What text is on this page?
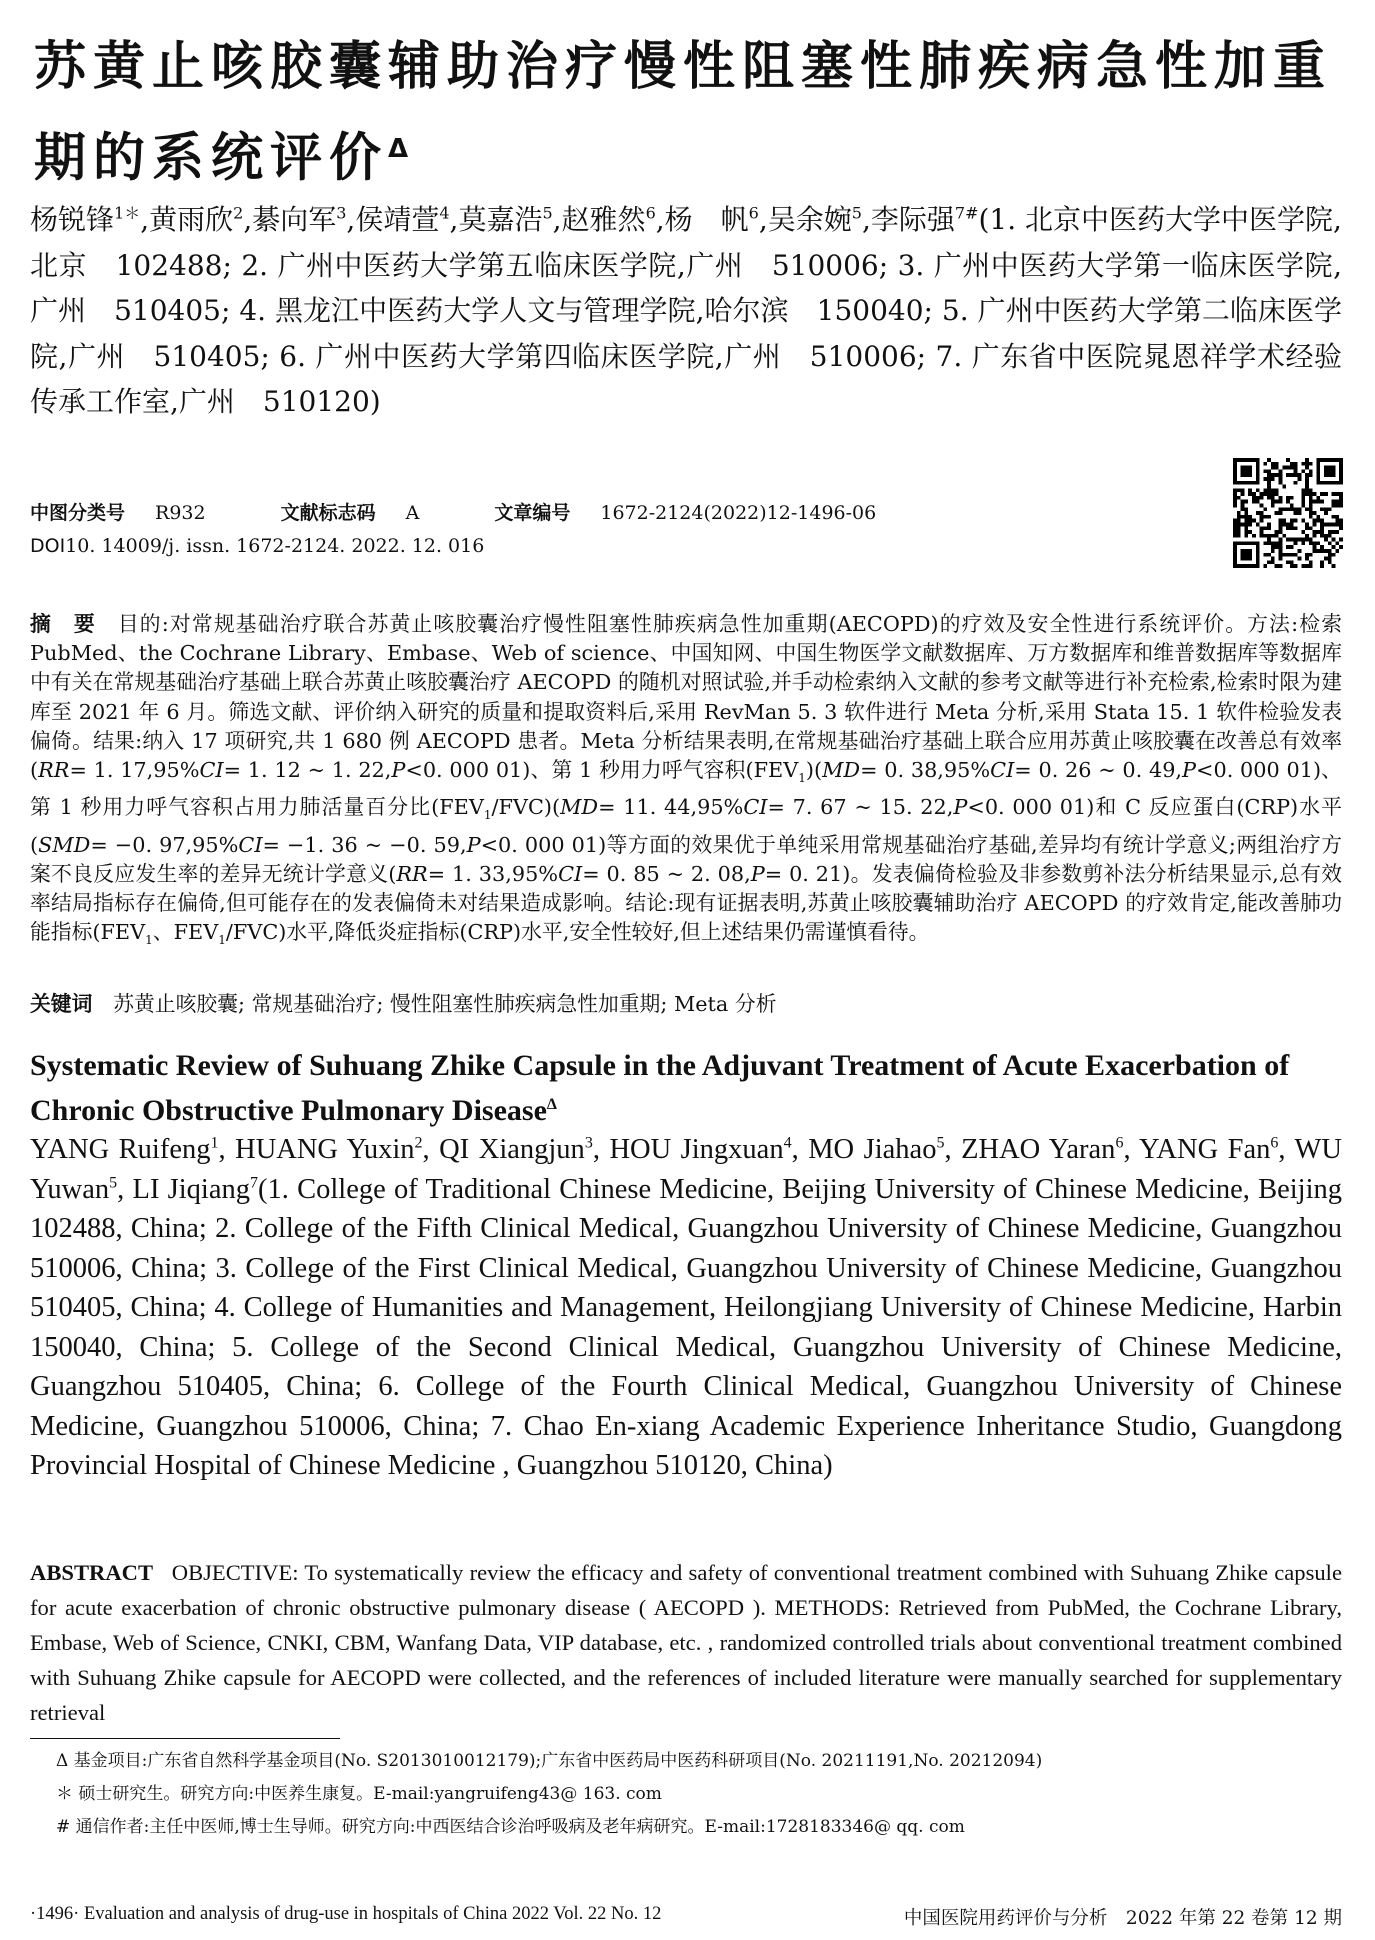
苏黄止咳胶囊辅助治疗慢性阻塞性肺疾病急性加重期的系统评价$^\Delta$
杨锐锋$^{1*}$,黄雨欣$^2$,綦向军$^3$,侯靖萱$^4$,莫嘉浩$^5$,赵雅然$^6$,杨　帆$^6$,吴余婉$^5$,李际强$^{7\#}$(1. 北京中医药大学中医学院,北京　102488; 2. 广州中医药大学第五临床医学院,广州　510006; 3. 广州中医药大学第一临床医学院,广州　510405; 4. 黑龙江中医药大学人文与管理学院,哈尔滨　150040; 5. 广州中医药大学第二临床医学院,广州　510405; 6. 广州中医药大学第四临床医学院,广州　510006; 7. 广东省中医院晁恩祥学术经验传承工作室,广州　510120)
中图分类号 R932	文献标志码 A	文章编号 1672-2124(2022)12-1496-06
DOI10. 14009/j. issn. 1672-2124. 2022. 12. 016
摘　要　 目的:对常规基础治疗联合苏黄止咳胶囊治疗慢性阻塞性肺疾病急性加重期(AECOPD)的疗效及安全性进行系统评价。方法:检索 PubMed、the Cochrane Library、Embase、Web of science、中国知网、中国生物医学文献数据库、万方数据库和维普数据库等数据库中有关在常规基础治疗基础上联合苏黄止咳胶囊治疗 AECOPD 的随机对照试验,并手动检索纳入文献的参考文献等进行补充检索,检索时限为建库至 2021 年 6 月。筛选文献、评价纳入研究的质量和提取资料后,采用 RevMan 5. 3 软件进行 Meta 分析,采用 Stata 15. 1 软件检验发表偏倚。结果:纳入 17 项研究,共 1 680 例 AECOPD 患者。Meta 分析结果表明,在常规基础治疗基础上联合应用苏黄止咳胶囊在改善总有效率(RR= 1. 17,95%CI= 1. 12 ~ 1. 22,P<0. 000 01)、第 1 秒用力呼气容积$(FEV_1)(MD= 0$. 38,95%CI= 0. 26 ~ 0. 49,P<0. 000 01)、第 1 秒用力呼气容积占用力肺活量百分比$(FEV_1/FVC)(MD= 11$. 44,95%CI= 7. 67 ~ 15. 22,P<0. 000 01)和 C 反应蛋白(CRP)水平(SMD= −0. 97,95%CI= −1. 36 ~ −0. 59,P<0. 000 01)等方面的效果优于单纯采用常规基础治疗基础,差异均有统计学意义;两组治疗方案不良反应发生率的差异无统计学意义(RR= 1. 33,95%CI= 0. 85 ~ 2. 08,P= 0. 21)。发表偏倚检验及非参数剪补法分析结果显示,总有效率结局指标存在偏倚,但可能存在的发表偏倚未对结果造成影响。结论:现有证据表明,苏黄止咳胶囊辅助治疗 AECOPD 的疗效肯定,能改善肺功能指标($FEV_1$、$FEV_1/FVC$)水平,降低炎症指标(CRP)水平,安全性较好,但上述结果仍需谨慎看待。
关键词　 苏黄止咳胶囊; 常规基础治疗; 慢性阻塞性肺疾病急性加重期; Meta 分析
Systematic Review of Suhuang Zhike Capsule in the Adjuvant Treatment of Acute Exacerbation of Chronic Obstructive Pulmonary Disease$^\Delta$
YANG Ruifeng$^1$, HUANG Yuxin$^2$, QI Xiangjun$^3$, HOU Jingxuan$^4$, MO Jiahao$^5$, ZHAO Yaran$^6$, YANG Fan$^6$, WU Yuwan$^5$, LI Jiqiang$^7$(1. College of Traditional Chinese Medicine, Beijing University of Chinese Medicine, Beijing 102488, China; 2. College of the Fifth Clinical Medical, Guangzhou University of Chinese Medicine, Guangzhou 510006, China; 3. College of the First Clinical Medical, Guangzhou University of Chinese Medicine, Guangzhou 510405, China; 4. College of Humanities and Management, Heilongjiang University of Chinese Medicine, Harbin 150040, China; 5. College of the Second Clinical Medical, Guangzhou University of Chinese Medicine, Guangzhou 510405, China; 6. College of the Fourth Clinical Medical, Guangzhou University of Chinese Medicine, Guangzhou 510006, China; 7. Chao En-xiang Academic Experience Inheritance Studio, Guangdong Provincial Hospital of Chinese Medicine , Guangzhou 510120, China)
ABSTRACT OBJECTIVE: To systematically review the efficacy and safety of conventional treatment combined with Suhuang Zhike capsule for acute exacerbation of chronic obstructive pulmonary disease ( AECOPD ). METHODS: Retrieved from PubMed, the Cochrane Library, Embase, Web of Science, CNKI, CBM, Wanfang Data, VIP database, etc. , randomized controlled trials about conventional treatment combined with Suhuang Zhike capsule for AECOPD were collected, and the references of included literature were manually searched for supplementary retrieval
Δ 基金项目:广东省自然科学基金项目(No. S2013010012179);广东省中医药局中医药科研项目(No. 20211191,No. 20212094)
＊ 硕士研究生。研究方向:中医养生康复。E-mail:yangruifeng43@ 163. com
# 通信作者:主任中医师,博士生导师。研究方向:中西医结合诊治呼吸病及老年病研究。E-mail:1728183346@ qq. com
·1496· Evaluation and analysis of drug-use in hospitals of China 2022 Vol. 22 No. 12	中国医院用药评价与分析　2022 年第 22 卷第 12 期
